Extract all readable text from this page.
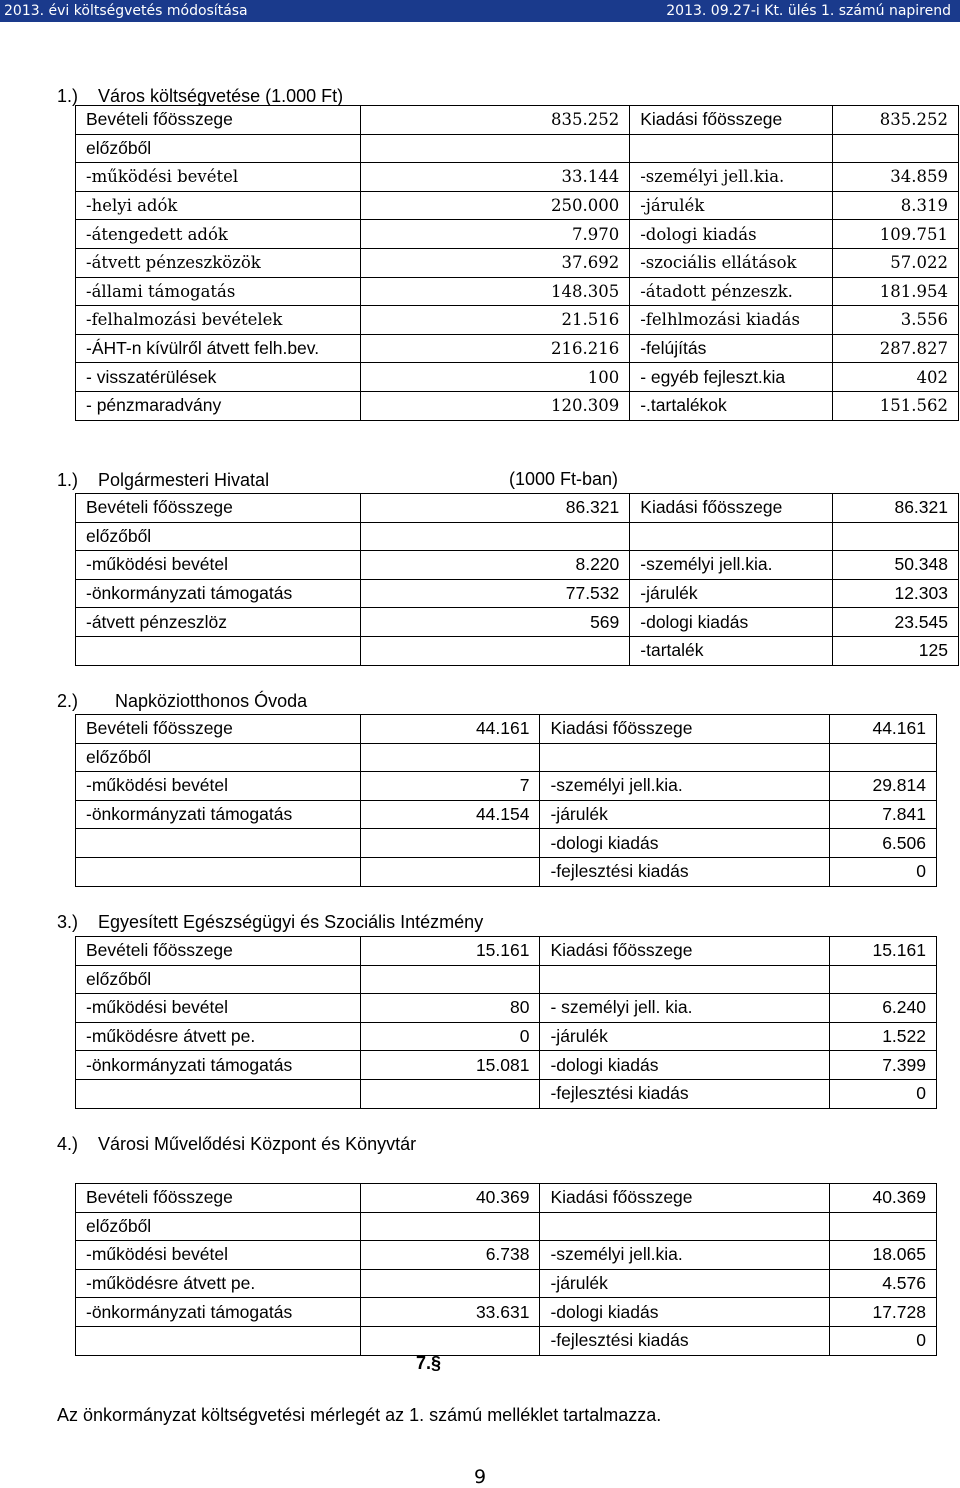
2013. évi költségvetés módosítása	2013. 09.27-i Kt. ülés 1. számú napirend
1.) Város költségvetése (1.000 Ft)
Bevételi főösszege	835.252	Kiadási főösszege	835.252
előzőből			
-működési bevétel	33.144	-személyi jell.kia.	34.859
-helyi adók	250.000	-járulék	8.319
-átengedett adók	7.970	-dologi kiadás	109.751
-átvett pénzeszközök	37.692	-szociális ellátások	57.022
-állami támogatás	148.305	-átadott pénzeszk.	181.954
-felhalmozási bevételek	21.516	-felhlmozási kiadás	3.556
-ÁHT-n kívülről átvett felh.bev.	216.216	-felújítás	287.827
- visszatérülések	100	- egyéb fejleszt.kia	402
- pénzmaradvány	120.309	-.tartalékok	151.562
1.) Polgármesteri Hivatal	(1000 Ft-ban)
Bevételi főösszege	86.321	Kiadási főösszege	86.321
előzőből			
-működési bevétel	8.220	-személyi jell.kia.	50.348
-önkormányzati támogatás	77.532	-járulék	12.303
-átvett pénzeszlöz	569	-dologi kiadás	23.545
		-tartalék	125
2.) Napköziotthonos Óvoda
Bevételi főösszege	44.161	Kiadási főösszege	44.161
előzőből			
-működési bevétel	7	-személyi jell.kia.	29.814
-önkormányzati támogatás	44.154	-járulék	7.841
		-dologi kiadás	6.506
		-fejlesztési kiadás	0
3.) Egyesített Egészségügyi és Szociális Intézmény
Bevételi főösszege	15.161	Kiadási főösszege	15.161
előzőből			
-működési bevétel	80	- személyi jell. kia.	6.240
-működésre átvett pe.	0	-járulék	1.522
-önkormányzati támogatás	15.081	-dologi kiadás	7.399
		-fejlesztési kiadás	0
4.) Városi Művelődési Központ és Könyvtár
Bevételi főösszege	40.369	Kiadási főösszege	40.369
előzőből			
-működési bevétel	6.738	-személyi jell.kia.	18.065
-működésre átvett pe.		-járulék	4.576
-önkormányzati támogatás	33.631	-dologi kiadás	17.728
		-fejlesztési kiadás	0
7.§
Az önkormányzat költségvetési mérlegét az 1. számú melléklet tartalmazza.
9
